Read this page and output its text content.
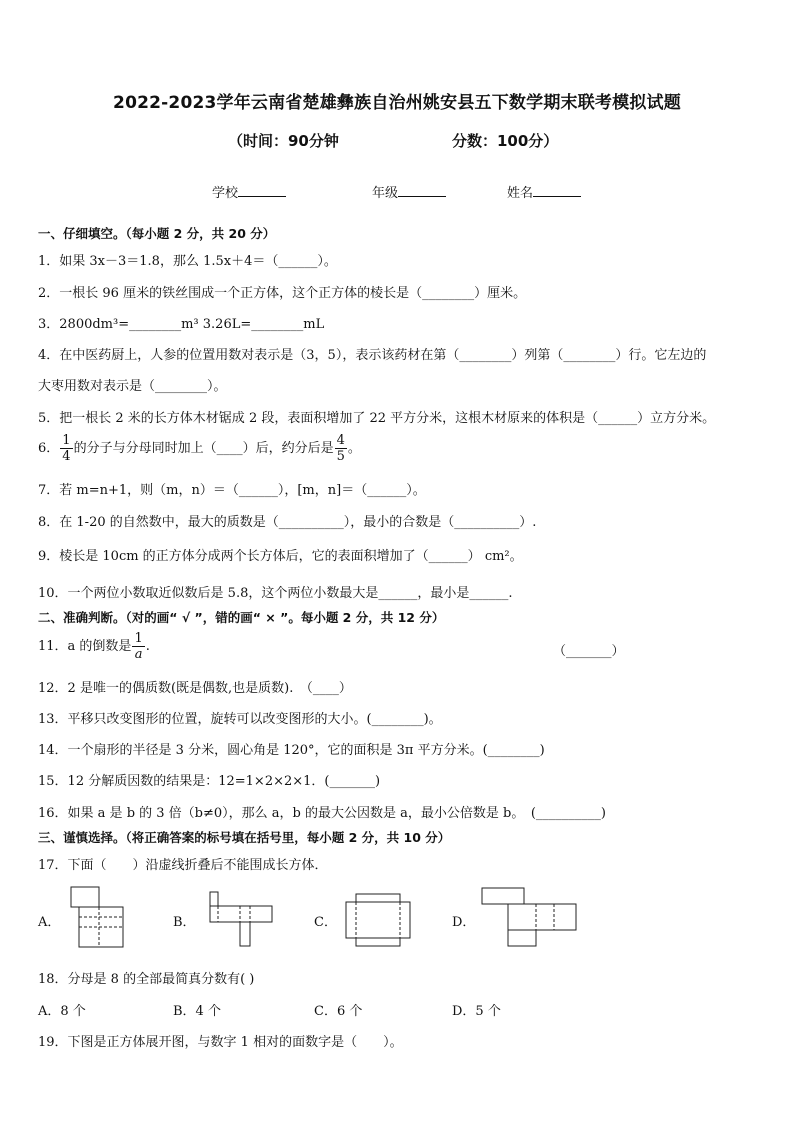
2022-2023学年云南省楚雄彝族自治州姚安县五下数学期末联考模拟试题
（时间：90分钟	分数：100分）
学校	年级	姓名
一、仔细填空。（每小题 2 分，共 20 分）
1．如果 3x－3＝1.8，那么 1.5x＋4＝（______）。
2．一根长 96 厘米的铁丝围成一个正方体，这个正方体的棱长是（________）厘米。
3．2800dm³=________m³ 3.26L=________mL
4．在中医药厨上，人参的位置用数对表示是（3，5），表示该药材在第（________）列第（________）行。它左边的
大枣用数对表示是（________）。
5．把一根长 2 米的长方体木材锯成 2 段，表面积增加了 22 平方分米，这根木材原来的体积是（______）立方分米。
6． $\frac{1}{4}$ 的分子与分母同时加上（____）后，约分后是 $\frac{4}{5}$ 。
7．若 m=n+1，则（m，n）＝（______），[m，n]＝（______）。
8．在 1-20 的自然数中，最大的质数是（__________），最小的合数是（__________）.
9．棱长是 10cm 的正方体分成两个长方体后，它的表面积增加了（______） cm²。
10．一个两位小数取近似数后是 5.8，这个两位小数最大是______，最小是______.
二、准确判断。（对的画“ √ ”，错的画“ × ”。每小题 2 分，共 12 分）
11．a 的倒数是 $\frac{1}{a}$ .	（_______）
12．2 是唯一的偶质数(既是偶数,也是质数).　（____）
13．平移只改变图形的位置，旋转可以改变图形的大小。(________)。
14．一个扇形的半径是 3 分米，圆心角是 120°，它的面积是 3π 平方分米。(________)
15．12 分解质因数的结果是：12=1×2×2×1．(_______)
16．如果 a 是 b 的 3 倍（b≠0），那么 a，b 的最大公因数是 a，最小公倍数是 b。　(__________)
三、谨慎选择。（将正确答案的标号填在括号里，每小题 2 分，共 10 分）
17．下面（　　）沿虚线折叠后不能围成长方体．
A．	B．	C．	D．
18．分母是 8 的全部最简真分数有( )
A．8 个	B．4 个	C．6 个	D．5 个
19．下图是正方体展开图，与数字 1 相对的面数字是（　　）。
